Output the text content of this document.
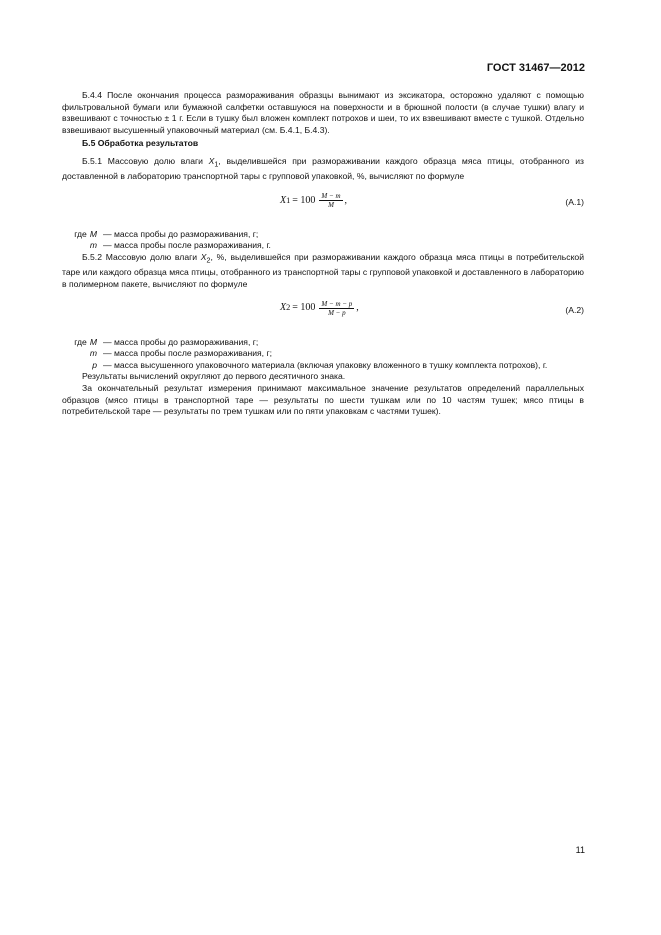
ГОСТ 31467—2012

Б.4.4 После окончания процесса размораживания образцы вынимают из эксикатора, осторожно удаляют с помощью фильтровальной бумаги или бумажной салфетки оставшуюся на поверхности и в брюшной полости (в случае тушки) влагу и взвешивают с точностью ± 1 г. Если в тушку был вложен комплект потрохов и шеи, то их взвешивают вместе с тушкой. Отдельно взвешивают высушенный упаковочный материал (см. Б.4.1, Б.4.3).

Б.5 Обработка результатов

Б.5.1 Массовую долю влаги $X_1$, выделившейся при размораживании каждого образца мяса птицы, отобранного из доставленной в лабораторию транспортной тары с групповой упаковкой, %, вычисляют по формуле

X $1 = 100 \frac{M - m}{M}$ ,	(A.1)
где M — масса пробы до размораживания, г;
m — масса пробы после размораживания, г.

Б.5.2 Массовую долю влаги $X_2$, %, выделившейся при размораживании каждого образца мяса птицы в потребительской таре или каждого образца мяса птицы, отобранного из транспортной тары с групповой упаковкой и доставленного в лабораторию в полимерном пакете, вычисляют по формуле

X $2 = 100 \frac{M - m - p}{M - p}$ ,	(A.2)
где M — масса пробы до размораживания, г;
m — масса пробы после размораживания, г;
p — масса высушенного упаковочного материала (включая упаковку вложенного в тушку комплекта потрохов), г.

Результаты вычислений округляют до первого десятичного знака.

За окончательный результат измерения принимают максимальное значение результатов определений параллельных образцов (мясо птицы в транспортной таре — результаты по шести тушкам или по 10 частям тушек; мясо птицы в потребительской таре — результаты по трем тушкам или по пяти упаковкам с частями тушек).

11
